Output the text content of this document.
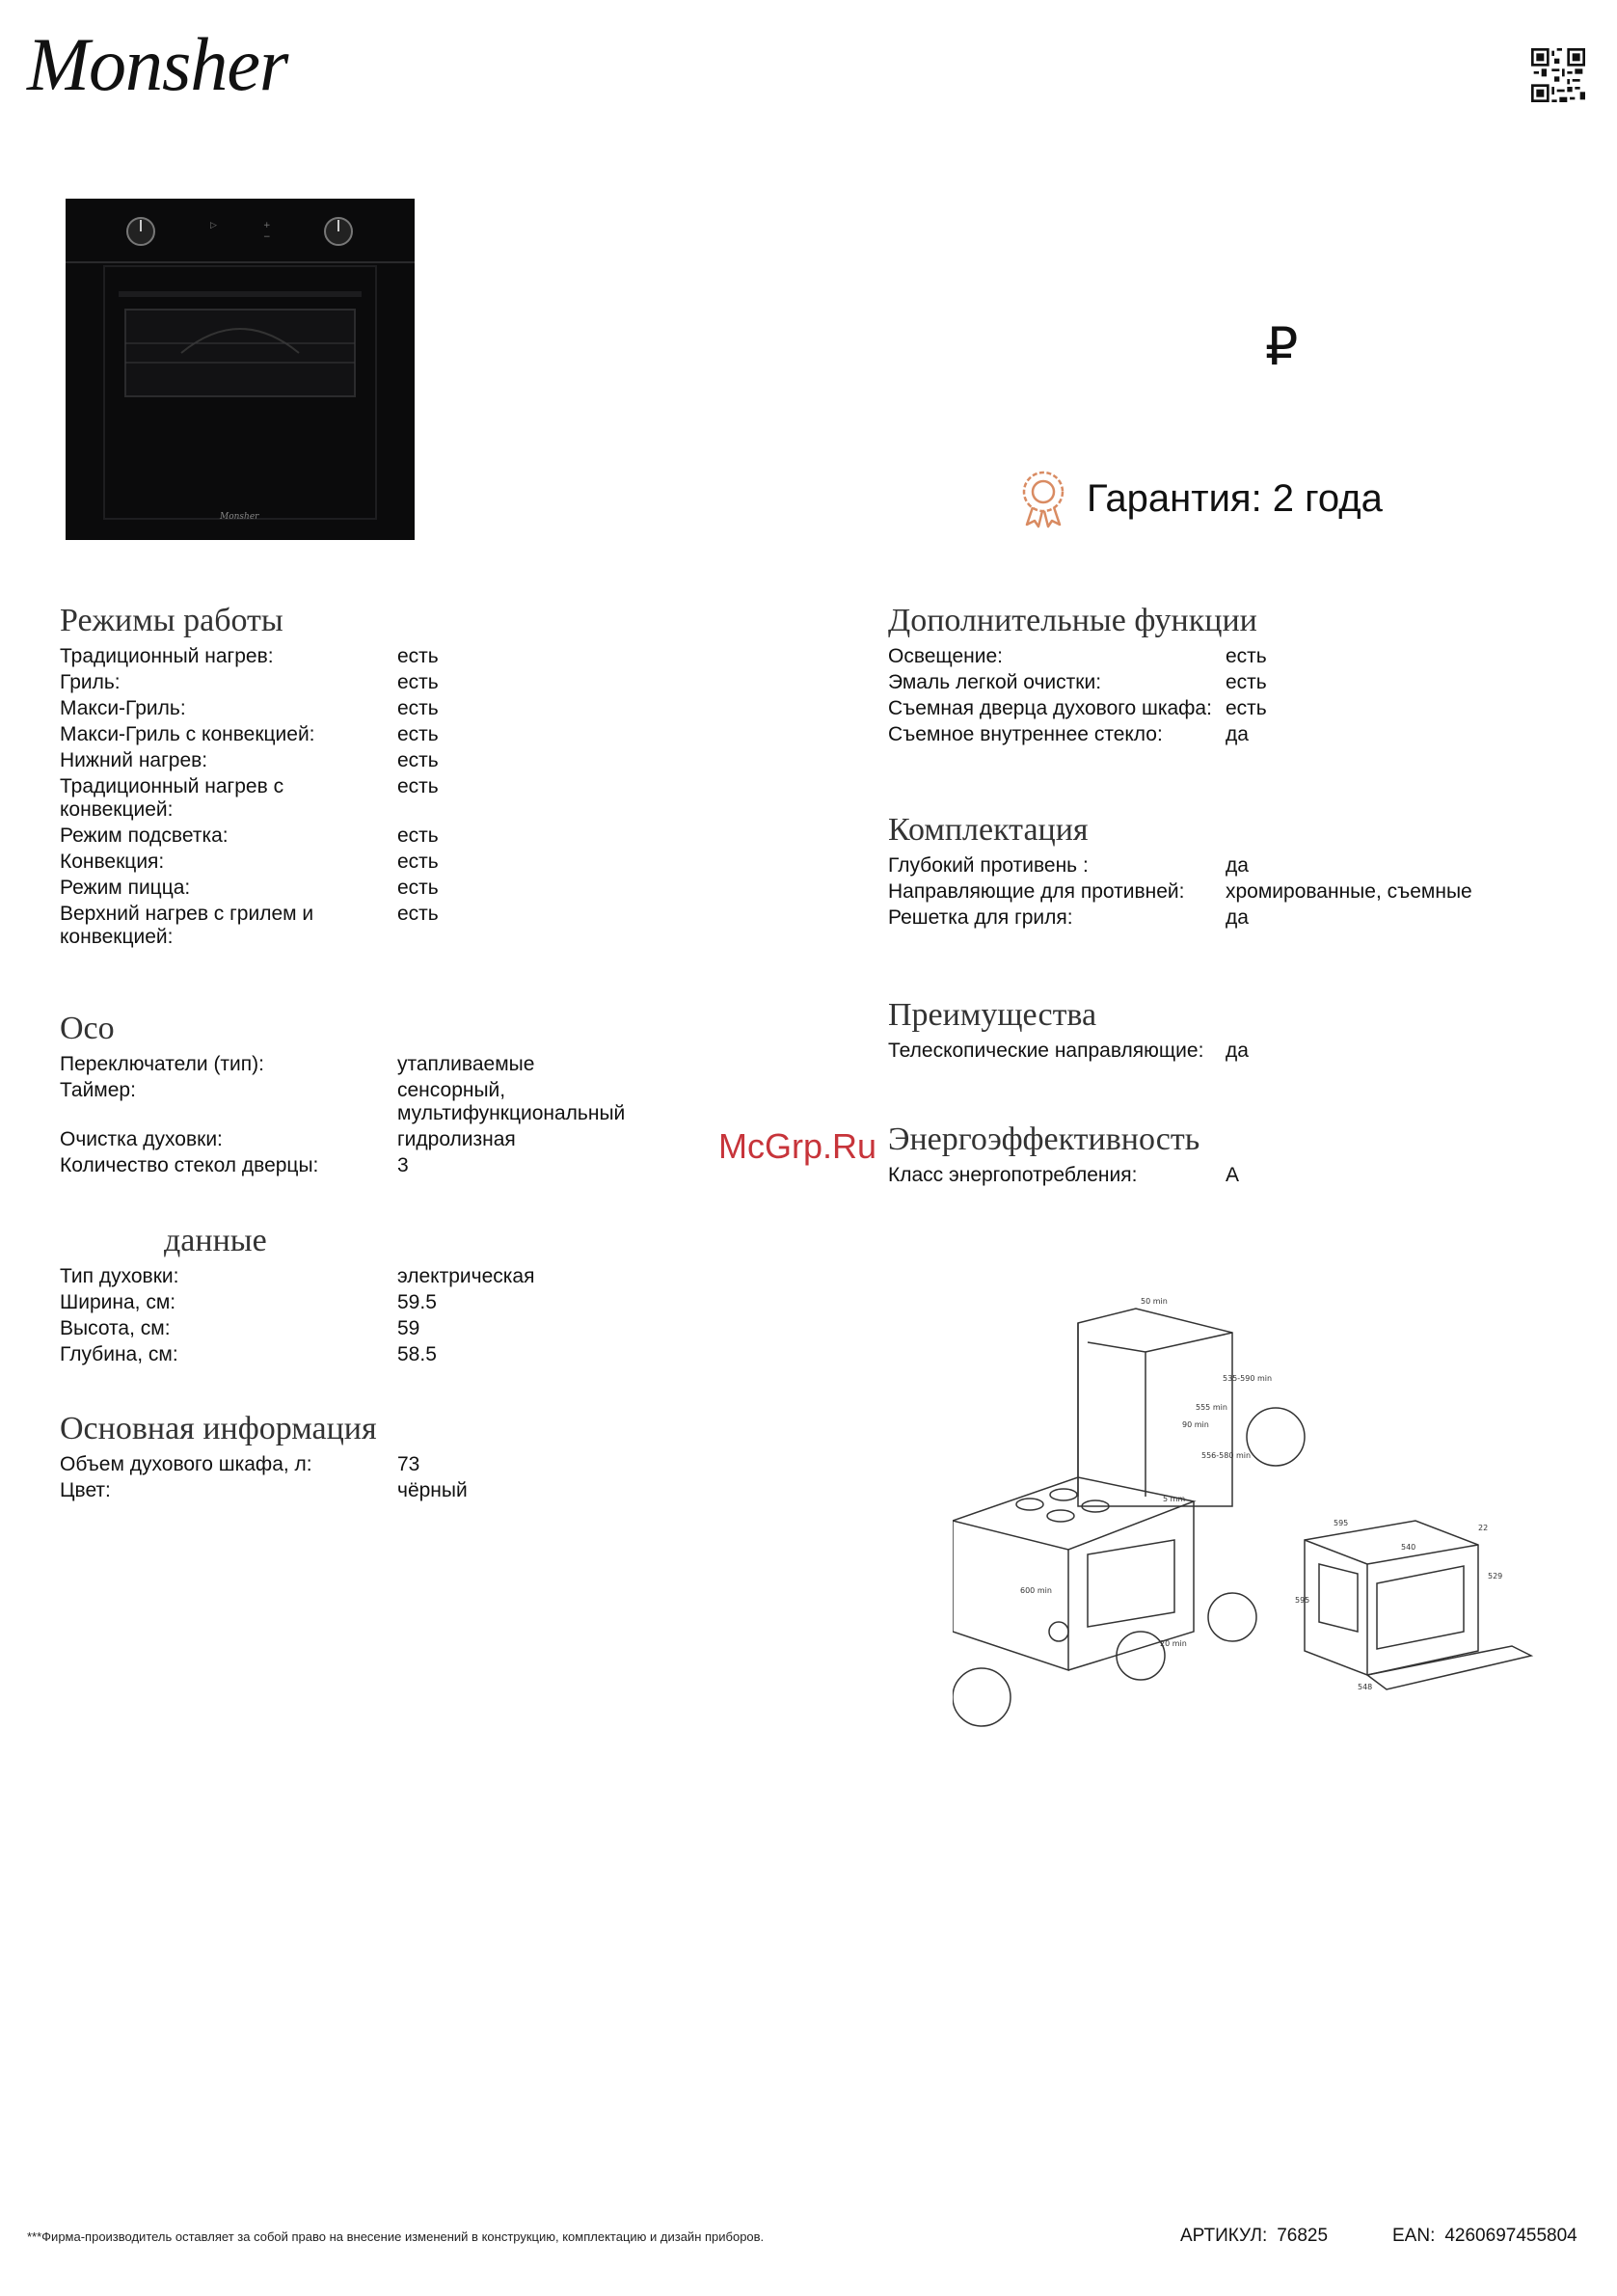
Monsher
▷	+
−
Monsher
₽
Гарантия: 2 года
Режимы работы
Традиционный нагрев:	есть
Гриль:	есть
Макси-Гриль:	есть
Макси-Гриль с конвекцией:	есть
Нижний нагрев:	есть
Традиционный нагрев с конвекцией:
есть
Режим подсветка:	есть
Конвекция:	есть
Режим пицца:	есть
Верхний нагрев с грилем и конвекцией:
есть
Осо
Переключатели (тип):	утапливаемые
Таймер:	сенсорный, мультифункциональный
Очистка духовки:	гидролизная
Количество стекол дверцы:	3
данные
Тип духовки:	электрическая
Ширина, см:	59.5
Высота, см:	59
Глубина, см:	58.5
Основная информация
Объем духового шкафа, л:	73
Цвет:	чёрный
Дополнительные функции
Освещение:	есть
Эмаль легкой очистки:	есть
Съемная дверца духового шкафа: есть
Съемное внутреннее стекло:	да
Комплектация
Глубокий противень :	да
Направляющие для противней:	хромированные, съемные
Решетка для гриля:	да
Преимущества
Телескопические направляющие:	да
Энергоэффективность
Класс энергопотребления:	A
McGrp.Ru
50 min
555 min
90 min
600 min
535-590 min
556-580 min
5 mm
20 min
595
540
595
548
22
529
***Фирма-производитель оставляет за собой право на внесение изменений в конструкцию, комплектацию и дизайн приборов.	АРТИКУЛ: 76825	EAN: 4260697455804
